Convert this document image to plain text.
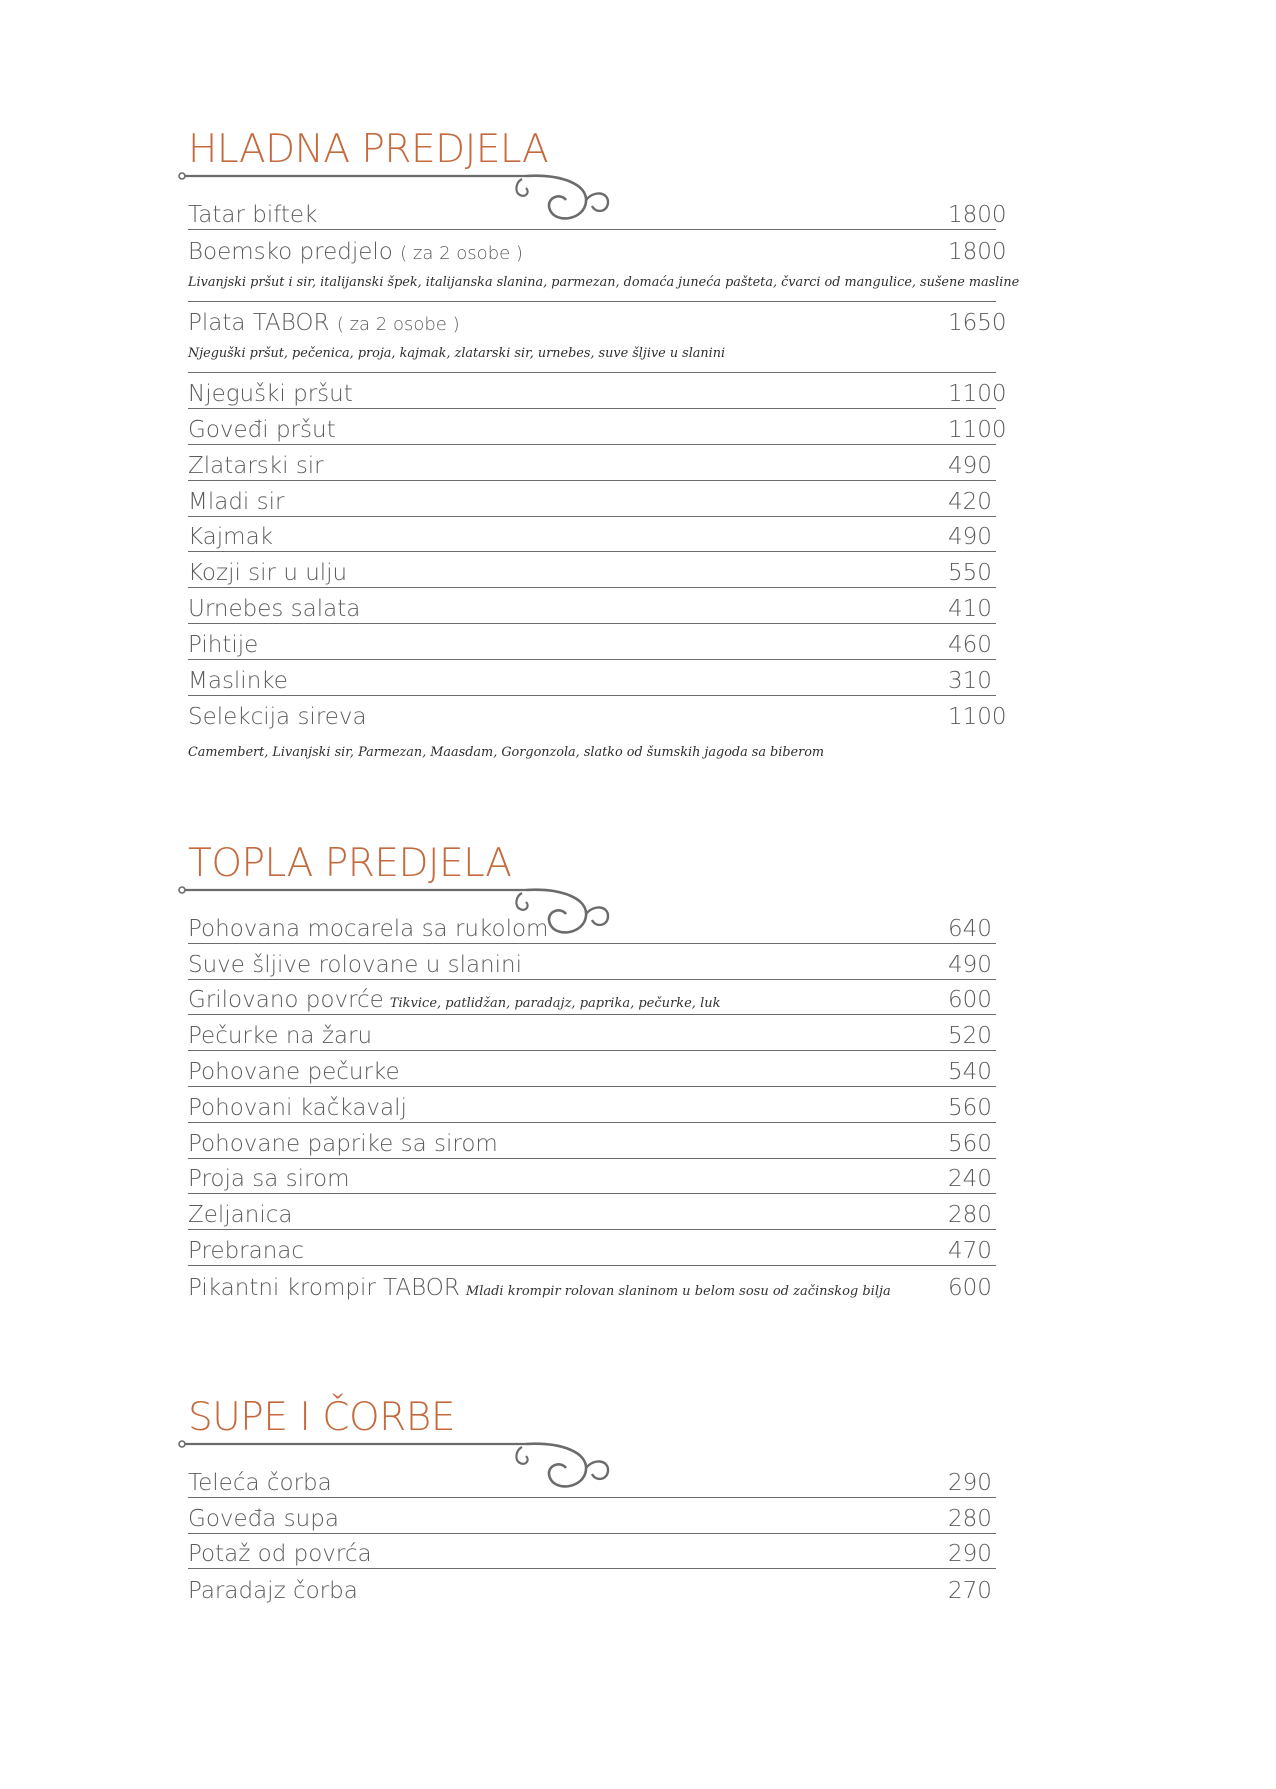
HLADNA PREDJELA
Tatar biftek	1800
Boemsko predjelo ( za 2 osobe )	1800
Livanjski pršut i sir, italijanski špek, italijanska slanina, parmezan, domaća juneća pašteta, čvarci od mangulice, sušene masline
Plata TABOR ( za 2 osobe )	1650
Njeguški pršut, pečenica, proja, kajmak, zlatarski sir, urnebes, suve šljive u slanini
Njeguški pršut	1100
Goveđi pršut	1100
Zlatarski sir	490
Mladi sir	420
Kajmak	490
Kozji sir u ulju	550
Urnebes salata	410
Pihtije	460
Maslinke	310
Selekcija sireva	1100
Camembert, Livanjski sir, Parmezan, Maasdam, Gorgonzola, slatko od šumskih jagoda sa biberom
TOPLA PREDJELA
Pohovana mocarela sa rukolom	640
Suve šljive rolovane u slanini	490
Grilovano povrće Tikvice, patlidžan, paradajz, paprika, pečurke, luk	600
Pečurke na žaru	520
Pohovane pečurke	540
Pohovani kačkavalj	560
Pohovane paprike sa sirom	560
Proja sa sirom	240
Zeljanica	280
Prebranac	470
Pikantni krompir TABOR Mladi krompir rolovan slaninom u belom sosu od začinskog bilja 600
SUPE I ČORBE
Teleća čorba	290
Goveđa supa	280
Potaž od povrća	290
Paradajz čorba	270
